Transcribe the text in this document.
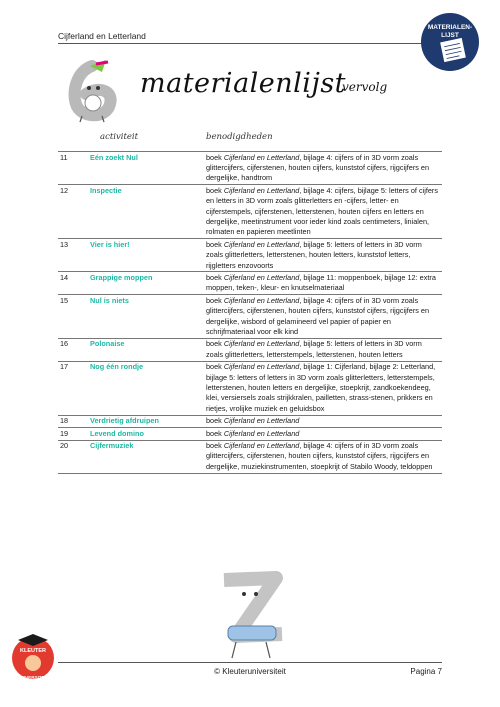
Cijferland en Letterland
MATERIALEN-
LIJST
materialenlijst
vervolg
activiteit	benodigdheden
11	Eén zoekt Nul	boek Cijferland en Letterland, bijlage 4: cijfers of in 3D vorm zoals glittercijfers, cijferstenen, houten cijfers, kunststof cijfers, rijgcijfers en dergelijke, handtrom
12	Inspectie	boek Cijferland en Letterland, bijlage 4: cijfers, bijlage 5: letters of cijfers en letters in 3D vorm zoals glitterletters en -cijfers, letter- en cijferstempels, cijferstenen, letterstenen, houten cijfers en letters en dergelijke, meetinstrument voor ieder kind zoals centimeters, linialen, rolmaten en papieren meetlinten
13	Vier is hier!	boek Cijferland en Letterland, bijlage 5: letters of letters in 3D vorm zoals glitterletters, letterstenen, houten letters, kunststof letters, rijgletters enzovoorts
14	Grappige moppen	boek Cijferland en Letterland, bijlage 11: moppenboek, bijlage 12: extra moppen, teken-, kleur- en knutselmateriaal
15	Nul is niets	boek Cijferland en Letterland, bijlage 4: cijfers of in 3D vorm zoals glittercijfers, cijferstenen, houten cijfers, kunststof cijfers, rijgcijfers en dergelijke, wisbord of gelamineerd vel papier of papier en schrijfmateriaal voor elk kind
16	Polonaise	boek Cijferland en Letterland, bijlage 5: letters of letters in 3D vorm zoals glitterletters, letterstempels, letterstenen, houten letters
17	Nog één rondje	boek Cijferland en Letterland, bijlage 1: Cijferland, bijlage 2: Letterland, bijlage 5: letters of letters in 3D vorm zoals glitterletters, letterstempels, letterstenen, houten letters en dergelijke, stoepkrijt, zandkoekendeeg, klei, versiersels zoals strijkkralen, pailletten, strass-stenen, prikkers en rietjes, vrolijke muziek en geluidsbox
18	Verdrietig afdruipen	boek Cijferland en Letterland
19	Levend domino	boek Cijferland en Letterland
20	Cijfermuziek	boek Cijferland en Letterland, bijlage 4: cijfers of in 3D vorm zoals glittercijfers, cijferstenen, houten cijfers, kunststof cijfers, rijgcijfers en dergelijke, muziekinstrumenten, stoepkrijt of Stabilo Woody, teldoppen
KLEUTER
UNIVERSITEIT
© Kleuteruniversiteit	Pagina 7
